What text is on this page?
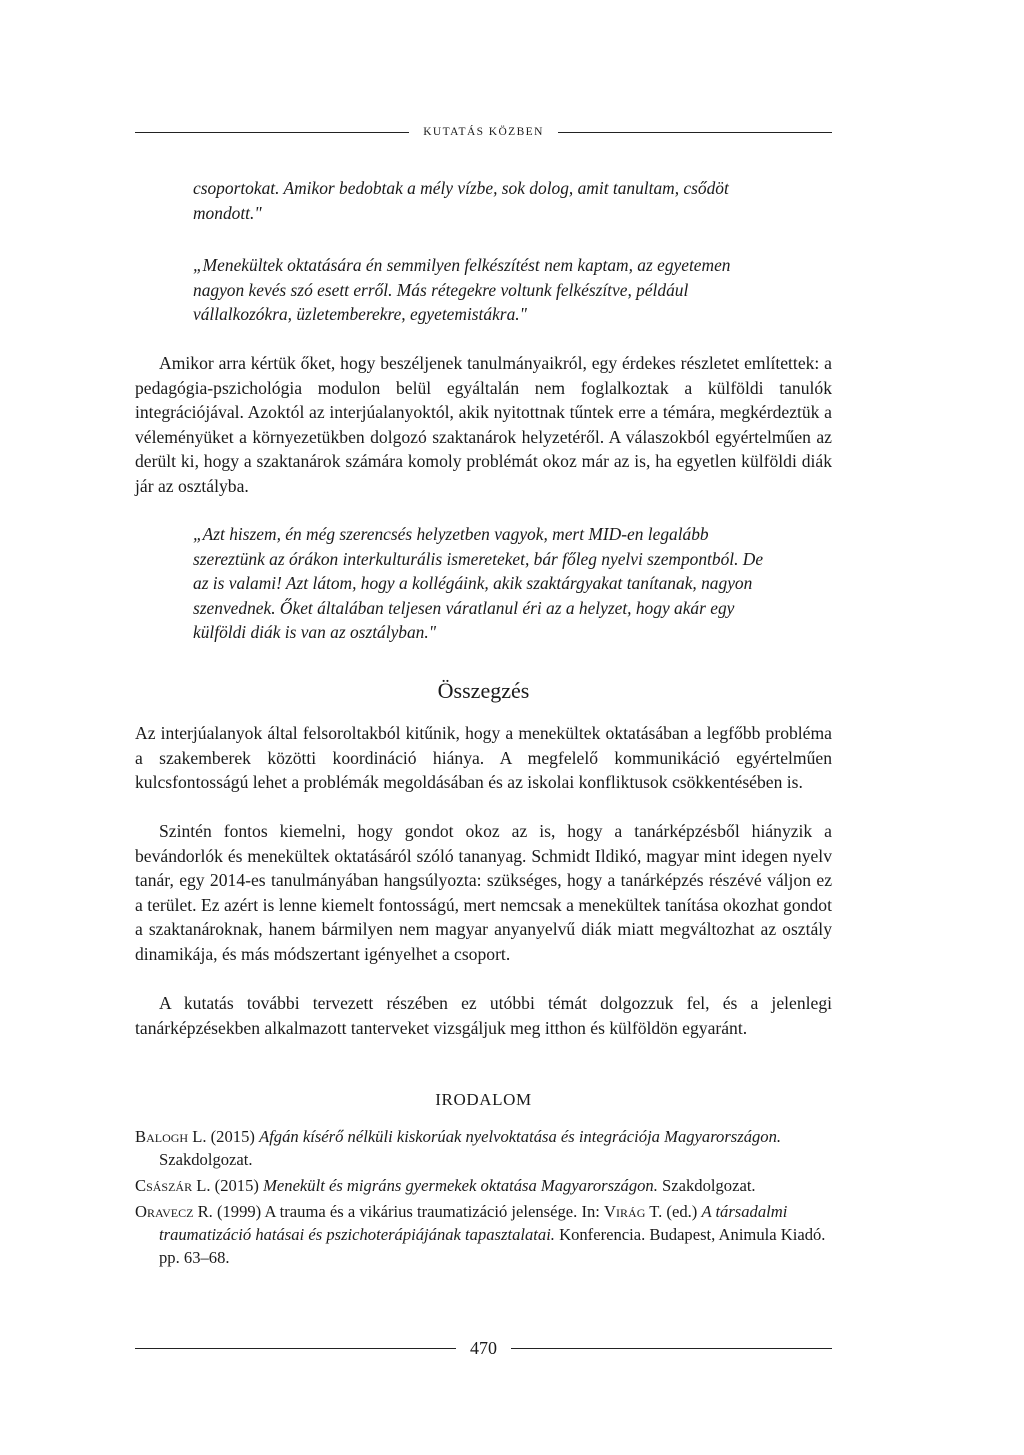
KUTATÁS KÖZBEN

csoportokat. Amikor bedobtak a mély vízbe, sok dolog, amit tanultam, csődöt mondott."

„Menekültek oktatására én semmilyen felkészítést nem kaptam, az egyetemen nagyon kevés szó esett erről. Más rétegekre voltunk felkészítve, például vállalkozókra, üzletemberekre, egyetemistákra."

Amikor arra kértük őket, hogy beszéljenek tanulmányaikról, egy érdekes részletet említettek: a pedagógia-pszichológia modulon belül egyáltalán nem foglalkoztak a külföldi tanulók integrációjával. Azoktól az interjúalanyoktól, akik nyitottnak tűntek erre a témára, megkérdeztük a véleményüket a környezetükben dolgozó szaktanárok helyzetéről. A válaszokból egyértelműen az derült ki, hogy a szaktanárok számára komoly problémát okoz már az is, ha egyetlen külföldi diák jár az osztályba.

„Azt hiszem, én még szerencsés helyzetben vagyok, mert MID-en legalább szereztünk az órákon interkulturális ismereteket, bár főleg nyelvi szempontból. De az is valami! Azt látom, hogy a kollégáink, akik szaktárgyakat tanítanak, nagyon szenvednek. Őket általában teljesen váratlanul éri az a helyzet, hogy akár egy külföldi diák is van az osztályban."

Összegzés

Az interjúalanyok által felsoroltakból kitűnik, hogy a menekültek oktatásában a legfőbb probléma a szakemberek közötti koordináció hiánya. A megfelelő kommunikáció egyértelműen kulcsfontosságú lehet a problémák megoldásában és az iskolai konfliktusok csökkentésében is.

Szintén fontos kiemelni, hogy gondot okoz az is, hogy a tanárképzésből hiányzik a bevándorlók és menekültek oktatásáról szóló tananyag. Schmidt Ildikó, magyar mint idegen nyelv tanár, egy 2014-es tanulmányában hangsúlyozta: szükséges, hogy a tanárképzés részévé váljon ez a terület. Ez azért is lenne kiemelt fontosságú, mert nemcsak a menekültek tanítása okozhat gondot a szaktanároknak, hanem bármilyen nem magyar anyanyelvű diák miatt megváltozhat az osztály dinamikája, és más módszertant igényelhet a csoport.

A kutatás további tervezett részében ez utóbbi témát dolgozzuk fel, és a jelenlegi tanárképzésekben alkalmazott tanterveket vizsgáljuk meg itthon és külföldön egyaránt.

IRODALOM

Balogh L. (2015) Afgán kísérő nélküli kiskorúak nyelvoktatása és integrációja Magyarországon. Szakdolgozat.

Császár L. (2015) Menekült és migráns gyermekek oktatása Magyarországon. Szakdolgozat.

Oravecz R. (1999) A trauma és a vikárius traumatizáció jelensége. In: Virág T. (ed.) A társadalmi traumatizáció hatásai és pszichoterápiájának tapasztalatai. Konferencia. Budapest, Animula Kiadó. pp. 63–68.

470
